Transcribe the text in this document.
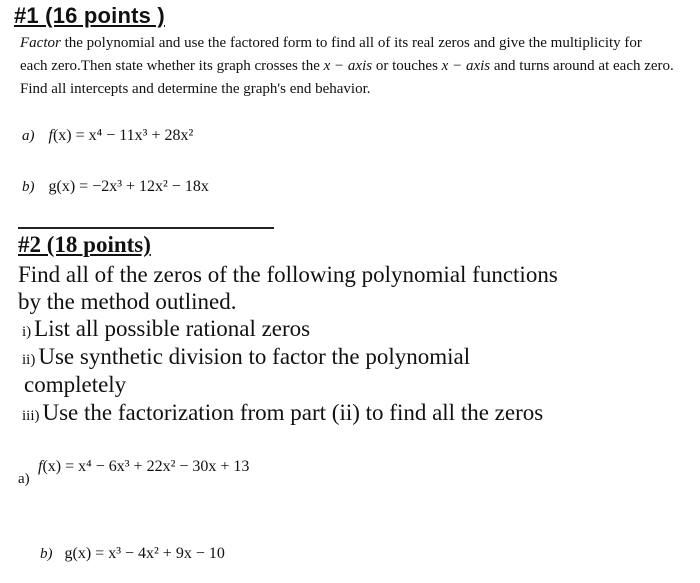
#1 (16 points )
Factor the polynomial and use the factored form to find all of its real zeros and give the multiplicity for
each zero.Then state whether its graph crosses the x − axis or touches x − axis and turns around at each zero.
Find all intercepts and determine the graph's end behavior.
a) f(x) = x⁴ − 11x³ + 28x²
b) g(x) = −2x³ + 12x² − 18x
#2 (18 points)
Find all of the zeros of the following polynomial functions
by the method outlined.
i) List all possible rational zeros
ii) Use synthetic division to factor the polynomial
completely
iii) Use the factorization from part (ii) to find all the zeros
a)
f(x) = x⁴ − 6x³ + 22x² − 30x + 13
b) g(x) = x³ − 4x² + 9x − 10
